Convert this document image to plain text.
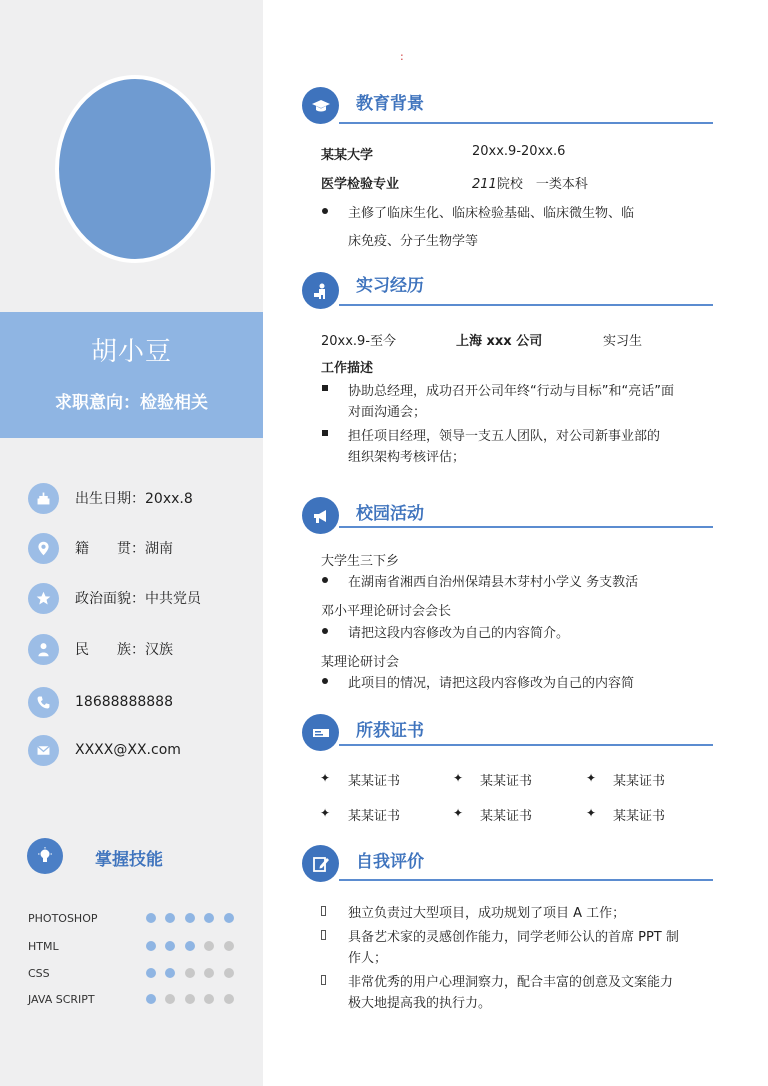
胡小豆
求职意向：检验相关
出生日期：20xx.8
籍　　贯：湖南
政治面貌：中共党员
民　　族：汉族
18688888888
XXXX@XX.com
掌握技能
PHOTOSHOP
HTML
CSS
JAVA SCRIPT
:
教育背景
某某大学	20xx.9-20xx.6
医学检验专业	211院校　一类本科
主修了临床生化、临床检验基础、临床微生物、临
床免疫、分子生物学等
实习经历
20xx.9-至今	上海 xxx 公司	实习生
工作描述
协助总经理，成功召开公司年终“行动与目标”和“亮话”面
对面沟通会；
担任项目经理，领导一支五人团队，对公司新事业部的
组织架构考核评估；
校园活动
大学生三下乡
在湖南省湘西自治州保靖县木芽村小学义 务支教活
邓小平理论研讨会会长
请把这段内容修改为自己的内容简介。
某理论研讨会
此项目的情况，请把这段内容修改为自己的内容简
所获证书
✦ 某某证书	✦ 某某证书	✦ 某某证书
✦ 某某证书	✦ 某某证书	✦ 某某证书
自我评价
独立负责过大型项目，成功规划了项目 A 工作；
具备艺术家的灵感创作能力，同学老师公认的首席 PPT 制
作人；
非常优秀的用户心理洞察力，配合丰富的创意及文案能力
极大地提高我的执行力。
